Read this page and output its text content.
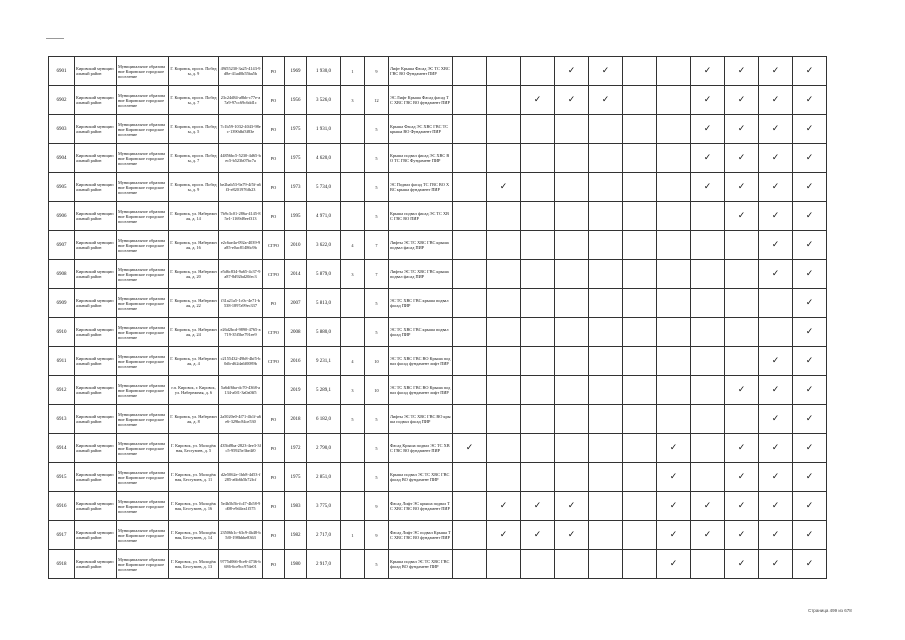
6901	Кировский муниципальный район	Муниципальное образование Кировское городское поселение	Г. Кировск, просп. Победы, д. 9	49f55230-3a25-4143-9d8e-41ad0b55ba5b	РО	1969	1 930,0	1	9	Лифт Крыша Фасад ЭС ТС ХВС ГВС ВО Фундамент ПИР				✓	✓			✓	✓	✓	✓
6902	Кировский муниципальный район	Муниципальное образование Кировское городское поселение	Г. Кировск, просп. Победы, д. 7	23c24d84-a8bb-c77e-a7a9-97cc69c6dd1c	РО	1956	3 526,0	3	12	ЭС Лифт Крыша Фасад фасад ТС ХВС ГВС ВО фундамент ПИР			✓	✓	✓			✓	✓	✓	✓
6903	Кировский муниципальный район	Муниципальное образование Кировское городское поселение	Г. Кировск, просп. Победы, д. 5	7c1b59-1032-4043-98ec-1390dbf3f83e	РО	1975	1 931,0		5	Крыша Фасад ЭС ХВС ГВС ТС крыша ВО Фундамент ПИР								✓	✓	✓	✓
6904	Кировский муниципальный район	Муниципальное образование Кировское городское поселение	Г. Кировск, просп. Победы, д. 7	44856bc5-5230-4d65-bec5-b523b07bc7a	РО	1975	4 620,0		5	Крыша подвал фасад ЭС ХВС ВО ТС ГВС Фундамент ПИР								✓	✓	✓	✓
6905	Кировский муниципальный район	Муниципальное образование Кировское городское поселение	Г. Кировск, просп. Победы, д. 9	be2bab53-9a79-4f5f-a6f3-e8201976fb23	РО	1973	5 734,0		5	ЭС Подвал фасад ТС ГВС ВО ХВС крыша фундамент ПИР		✓						✓	✓	✓	✓
6906	Кировский муниципальный район	Муниципальное образование Кировское городское поселение	Г. Кировск, ул. Набережная, д. 14	7b9c3c01-286a-4145-85e1-1169d8eef313	РО	1995	4 971,0		5	Крыша подвал фасад ЭС ТС ХВС ГВС ВО ПИР									✓	✓	✓
6907	Кировский муниципальный район	Муниципальное образование Кировское городское поселение	Г. Кировск, ул. Набережная, д. 16	e2c6ae4a-092a-4039-9a85-e0ac81486c9b	СГРО	2010	3 622,0	4	7	Лифты ЭС ТС ХВС ГВС крыша подвал фасад ПИР										✓	✓
6908	Кировский муниципальный район	Муниципальное образование Кировское городское поселение	Г. Кировск, ул. Набережная, д. 20	e5d6c834-9a65-4c37-9a87-8d92bd20fec3	СГРО	2014	5 879,0	3	7	Лифты ЭС ТС ХВС ГВС крыша подвал фасад ПИР										✓	✓
6909	Кировский муниципальный район	Муниципальное образование Кировское городское поселение	Г. Кировск, ул. Набережная, д. 22	f31a21a5-1c0c-4e71-b538-1897a99ec337	РО	2007	5 813,0		5	ЭС ТС ХВС ГВС крыша подвал фасад ПИР											✓
6910	Кировский муниципальный район	Муниципальное образование Кировское городское поселение	Г. Кировск, ул. Набережная, д. 24	e26d2bcd-9890-4765-a719-35f5be791ee9	СГРО	2008	5 880,0		5	ЭС ТС ХВС ГВС крыша подвал фасад ПИР											✓
6911	Кировский муниципальный район	Муниципальное образование Кировское городское поселение	Г. Кировск, ул. Набережная, д. 4	c2155432-49b8-4bf5-b0db-d62da6f0089b	СГРО	2016	9 231,1	4	10	ЭС ТС ХВС ГВС ВО Крыша подвал фасад фундамент лифт ПИР										✓	✓
6912	Кировский муниципальный район	Муниципальное образование Кировское городское поселение	г.п. Кировск, г. Кировск, ул. Набережная, д. 6	5a6df6ba-dc70-4368-a134-a0f1-3a0a0ff5		2019	5 289,1	3	10	ЭС ТС ХВС ГВС ВО Крыша подвал фасад фундамент лифт ПИР									✓	✓	✓
6913	Кировский муниципальный район	Муниципальное образование Кировское городское поселение	Г. Кировск, ул. Набережная, д. 8	2a5020e0-4f71-4b1f-a6e6-329bc84ce530	РО	2018	6 182,0	5	5	Лифты ЭС ТС ХВС ГВС ВО крыша подвал фасад ПИР										✓	✓
6914	Кировский муниципальный район	Муниципальное образование Кировское городское поселение	Г. Кировск, ул. Молодёжная, Бесгузиев, д. 5	435bf8ba-2823-4ee3-3fc5-95925e3be4f0	РО	1972	2 790,0		5	Фасад Крыша подвал ЭС ТС ХВС ГВС ВО фундамент ПИР	✓						✓		✓	✓	✓
6915	Кировский муниципальный район	Муниципальное образование Кировское городское поселение	Г. Кировск, ул. Молодёжная, Бесгузиев, д. 11	d2e5062e-1bb8-4d53-f285-a6b6b5b72fcf	РО	1975	2 851,0		5	Крыша подвал ЭС ТС ХВС ГВС фасад ВО фундамент ПИР							✓		✓	✓	✓
6916	Кировский муниципальный район	Муниципальное образование Кировское городское поселение	Г. Кировск, ул. Молодёжная, Бесгузиев, д. 16	5e4b5b5b-fc47-4b58-9d08-e9d4ea1f575	РО	1983	3 775,0		9	Фасад Лифт ЭС крыша подвал ТС ХВС ГВС ВО фундамент ПИР		✓	✓	✓			✓	✓	✓	✓	✓
6917	Кировский муниципальный район	Муниципальное образование Кировское городское поселение	Г. Кировск, ул. Молодёжная, Бесгузиев, д. 14	23506b1c-63c9-4b48-b5f0-198bbbe8363	РО	1982	2 717,0	1	9	Фасад Лифт ЭС подвал Крыша ТС ХВС ГВС ВО фундамент ПИР		✓	✓	✓			✓	✓	✓	✓	✓
6918	Кировский муниципальный район	Муниципальное образование Кировское городское поселение	Г. Кировск, ул. Молодёжная, Бесгузиев, д. 13	9775d066-8ce6-4736-b686-6ce9cc97de01	РО	1980	2 917,0		5	Крыша подвал ЭС ТС ХВС ГВС фасад ВО фундамент ПИР							✓		✓	✓	✓
Страница 499 из 678
